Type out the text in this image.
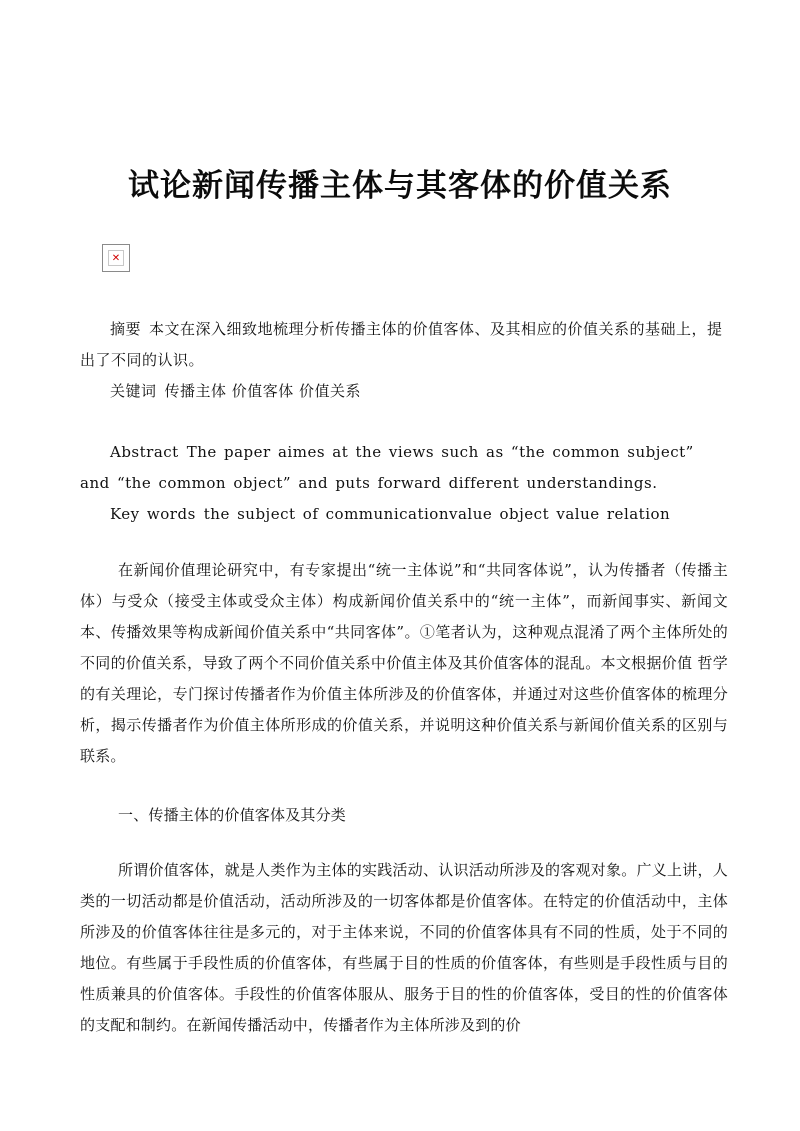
试论新闻传播主体与其客体的价值关系
✕
摘要 本文在深入细致地梳理分析传播主体的价值客体、及其相应的价值关系的基础上，提出了不同的认识。
关键词 传播主体 价值客体 价值关系
Abstract The paper aimes at the views such as “the common subject” and “the common object” and puts forward different understandings.
Key words the subject of communicationvalue object value relation
在新闻价值理论研究中，有专家提出“统一主体说”和“共同客体说”，认为传播者（传播主体）与受众（接受主体或受众主体）构成新闻价值关系中的“统一主体”，而新闻事实、新闻文本、传播效果等构成新闻价值关系中“共同客体”。①笔者认为，这种观点混淆了两个主体所处的不同的价值关系，导致了两个不同价值关系中价值主体及其价值客体的混乱。本文根据价值 哲学 的有关理论，专门探讨传播者作为价值主体所涉及的价值客体，并通过对这些价值客体的梳理分析，揭示传播者作为价值主体所形成的价值关系，并说明这种价值关系与新闻价值关系的区别与联系。
一、传播主体的价值客体及其分类
所谓价值客体，就是人类作为主体的实践活动、认识活动所涉及的客观对象。广义上讲，人类的一切活动都是价值活动，活动所涉及的一切客体都是价值客体。在特定的价值活动中，主体所涉及的价值客体往往是多元的，对于主体来说，不同的价值客体具有不同的性质，处于不同的地位。有些属于手段性质的价值客体，有些属于目的性质的价值客体，有些则是手段性质与目的性质兼具的价值客体。手段性的价值客体服从、服务于目的性的价值客体，受目的性的价值客体的支配和制约。在新闻传播活动中，传播者作为主体所涉及到的价
